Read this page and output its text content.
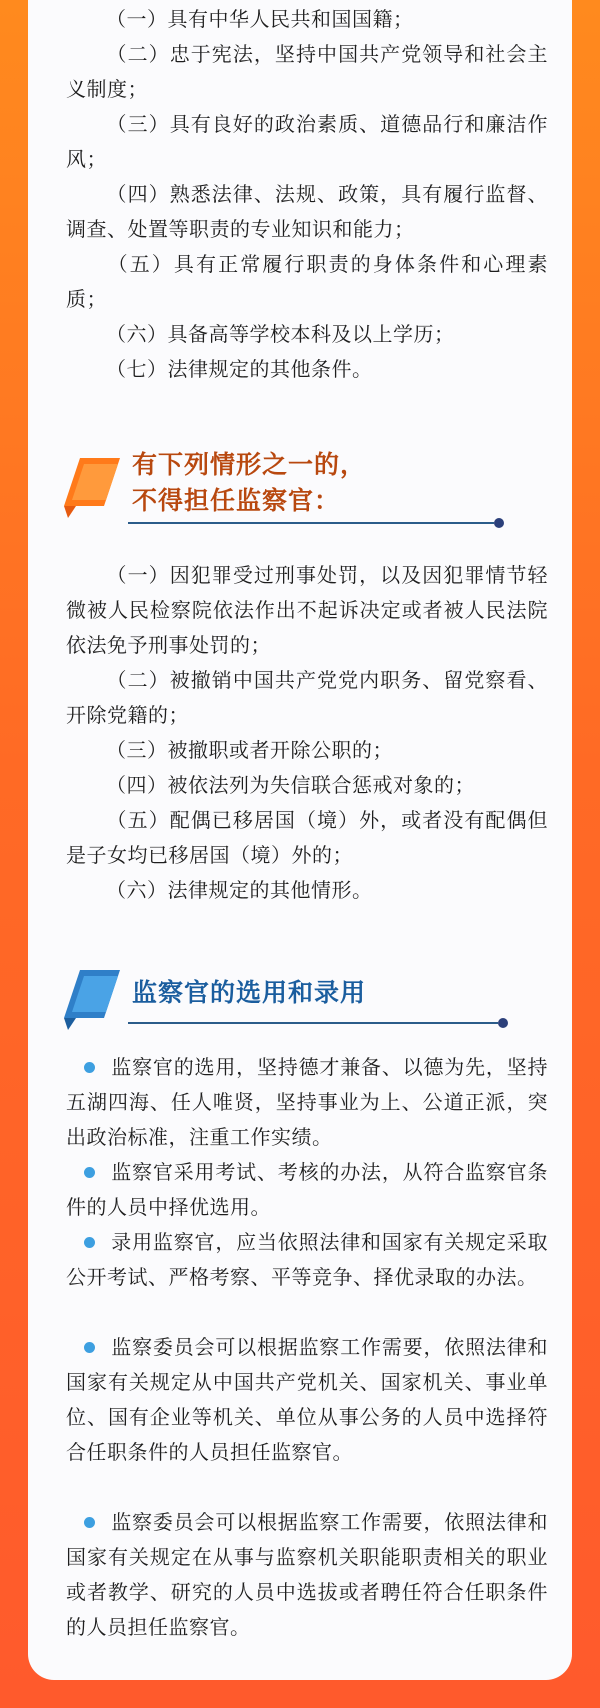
（一）具有中华人民共和国国籍；
（二）忠于宪法，坚持中国共产党领导和社会主义制度；
（三）具有良好的政治素质、道德品行和廉洁作风；
（四）熟悉法律、法规、政策，具有履行监督、调查、处置等职责的专业知识和能力；
（五）具有正常履行职责的身体条件和心理素质；
（六）具备高等学校本科及以上学历；
（七）法律规定的其他条件。
有下列情形之一的，
不得担任监察官：
（一）因犯罪受过刑事处罚，以及因犯罪情节轻微被人民检察院依法作出不起诉决定或者被人民法院依法免予刑事处罚的；
（二）被撤销中国共产党党内职务、留党察看、开除党籍的；
（三）被撤职或者开除公职的；
（四）被依法列为失信联合惩戒对象的；
（五）配偶已移居国（境）外，或者没有配偶但是子女均已移居国（境）外的；
（六）法律规定的其他情形。
监察官的选用和录用
监察官的选用，坚持德才兼备、以德为先，坚持五湖四海、任人唯贤，坚持事业为上、公道正派，突出政治标准，注重工作实绩。
监察官采用考试、考核的办法，从符合监察官条件的人员中择优选用。
录用监察官，应当依照法律和国家有关规定采取公开考试、严格考察、平等竞争、择优录取的办法。
监察委员会可以根据监察工作需要，依照法律和国家有关规定从中国共产党机关、国家机关、事业单位、国有企业等机关、单位从事公务的人员中选择符合任职条件的人员担任监察官。
监察委员会可以根据监察工作需要，依照法律和国家有关规定在从事与监察机关职能职责相关的职业或者教学、研究的人员中选拔或者聘任符合任职条件的人员担任监察官。
